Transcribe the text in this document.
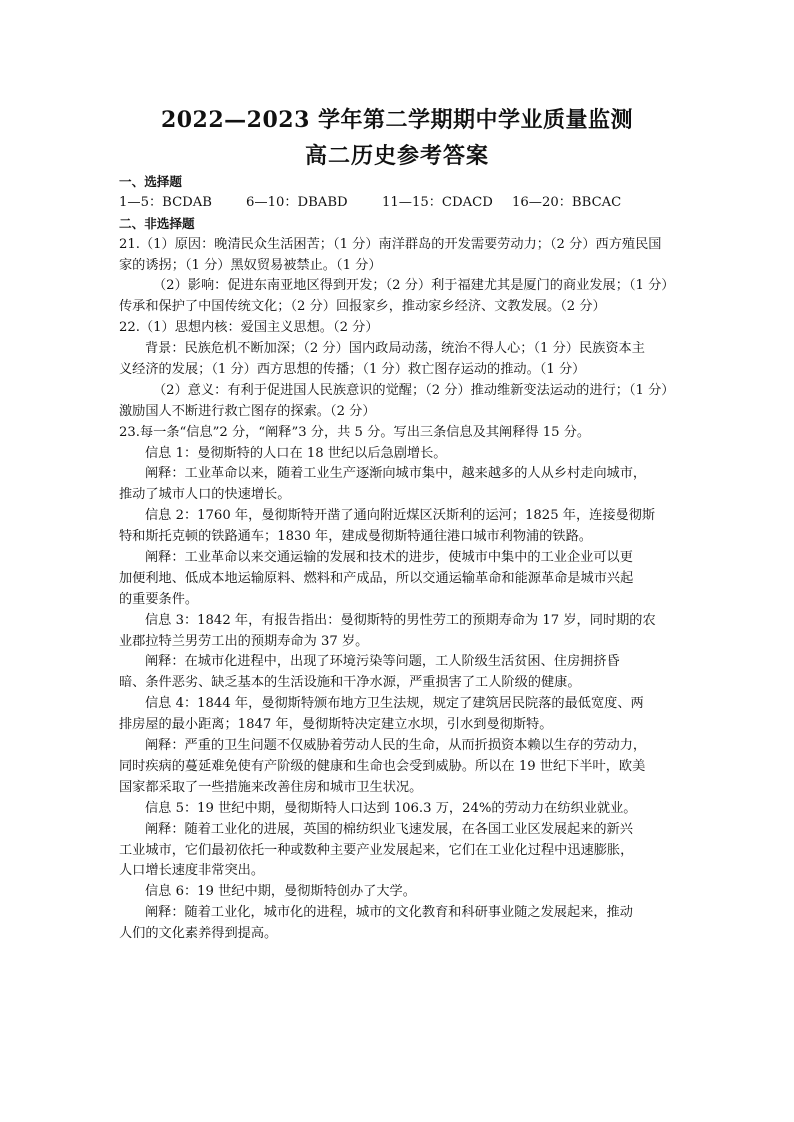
2022—2023 学年第二学期期中学业质量监测
高二历史参考答案
一、选择题
1—5：BCDAB	6—10：DBABD	11—15：CDACD 16—20：BBCAC
二、非选择题
21.（1）原因：晚清民众生活困苦；（1 分）南洋群岛的开发需要劳动力；（2 分）西方殖民国
家的诱拐；（1 分）黑奴贸易被禁止。（1 分）
（2）影响：促进东南亚地区得到开发；（2 分）利于福建尤其是厦门的商业发展；（1 分）
传承和保护了中国传统文化；（2 分）回报家乡，推动家乡经济、文教发展。（2 分）
22.（1）思想内核：爱国主义思想。（2 分）
背景：民族危机不断加深；（2 分）国内政局动荡，统治不得人心；（1 分）民族资本主
义经济的发展；（1 分）西方思想的传播；（1 分）救亡图存运动的推动。（1 分）
（2）意义：有利于促进国人民族意识的觉醒；（2 分）推动维新变法运动的进行；（1 分）
激励国人不断进行救亡图存的探索。（2 分）
23.每一条“信息”2 分，“阐释”3 分，共 5 分。写出三条信息及其阐释得 15 分。
信息 1：曼彻斯特的人口在 18 世纪以后急剧增长。
阐释：工业革命以来，随着工业生产逐渐向城市集中，越来越多的人从乡村走向城市，
推动了城市人口的快速增长。
信息 2：1760 年，曼彻斯特开凿了通向附近煤区沃斯利的运河；1825 年，连接曼彻斯
特和斯托克顿的铁路通车；1830 年，建成曼彻斯特通往港口城市利物浦的铁路。
阐释：工业革命以来交通运输的发展和技术的进步，使城市中集中的工业企业可以更
加便利地、低成本地运输原料、燃料和产成品，所以交通运输革命和能源革命是城市兴起
的重要条件。
信息 3：1842 年，有报告指出：曼彻斯特的男性劳工的预期寿命为 17 岁，同时期的农
业郡拉特兰男劳工出的预期寿命为 37 岁。
阐释：在城市化进程中，出现了环境污染等问题，工人阶级生活贫困、住房拥挤昏
暗、条件恶劣、缺乏基本的生活设施和干净水源，严重损害了工人阶级的健康。
信息 4：1844 年，曼彻斯特颁布地方卫生法规，规定了建筑居民院落的最低宽度、两
排房屋的最小距离；1847 年，曼彻斯特决定建立水坝，引水到曼彻斯特。
阐释：严重的卫生问题不仅威胁着劳动人民的生命，从而折损资本赖以生存的劳动力，
同时疾病的蔓延难免使有产阶级的健康和生命也会受到威胁。所以在 19 世纪下半叶，欧美
国家都采取了一些措施来改善住房和城市卫生状况。
信息 5：19 世纪中期，曼彻斯特人口达到 106.3 万，24%的劳动力在纺织业就业。
阐释：随着工业化的进展，英国的棉纺织业飞速发展，在各国工业区发展起来的新兴
工业城市，它们最初依托一种或数种主要产业发展起来，它们在工业化过程中迅速膨胀，
人口增长速度非常突出。
信息 6：19 世纪中期，曼彻斯特创办了大学。
阐释：随着工业化，城市化的进程，城市的文化教育和科研事业随之发展起来，推动
人们的文化素养得到提高。
